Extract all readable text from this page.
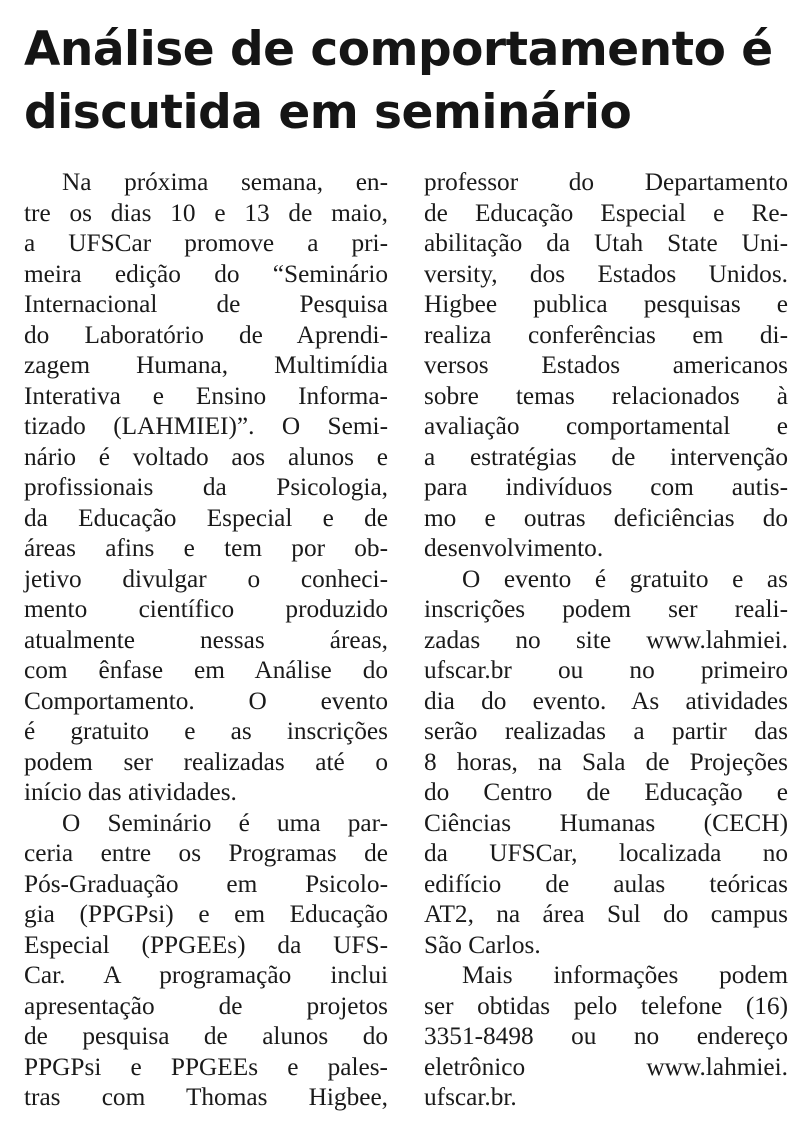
Análise de comportamento é
discutida em seminário
Na próxima semana, en-
tre os dias 10 e 13 de maio,
a UFSCar promove a pri-
meira edição do “Seminário
Internacional de Pesquisa
do Laboratório de Aprendi-
zagem Humana, Multimídia
Interativa e Ensino Informa-
tizado (LAHMIEI)”. O Semi-
nário é voltado aos alunos e
profissionais da Psicologia,
da Educação Especial e de
áreas afins e tem por ob-
jetivo divulgar o conheci-
mento científico produzido
atualmente nessas áreas,
com ênfase em Análise do
Comportamento. O evento
é gratuito e as inscrições
podem ser realizadas até o
início das atividades.
O Seminário é uma par-
ceria entre os Programas de
Pós-Graduação em Psicolo-
gia (PPGPsi) e em Educação
Especial (PPGEEs) da UFS-
Car. A programação inclui
apresentação de projetos
de pesquisa de alunos do
PPGPsi e PPGEEs e pales-
tras com Thomas Higbee,
professor do Departamento
de Educação Especial e Re-
abilitação da Utah State Uni-
versity, dos Estados Unidos.
Higbee publica pesquisas e
realiza conferências em di-
versos Estados americanos
sobre temas relacionados à
avaliação comportamental e
a estratégias de intervenção
para indivíduos com autis-
mo e outras deficiências do
desenvolvimento.
O evento é gratuito e as
inscrições podem ser reali-
zadas no site www.lahmiei.
ufscar.br ou no primeiro
dia do evento. As atividades
serão realizadas a partir das
8 horas, na Sala de Projeções
do Centro de Educação e
Ciências Humanas (CECH)
da UFSCar, localizada no
edifício de aulas teóricas
AT2, na área Sul do campus
São Carlos.
Mais informações podem
ser obtidas pelo telefone (16)
3351-8498 ou no endereço
eletrônico www.lahmiei.
ufscar.br.
